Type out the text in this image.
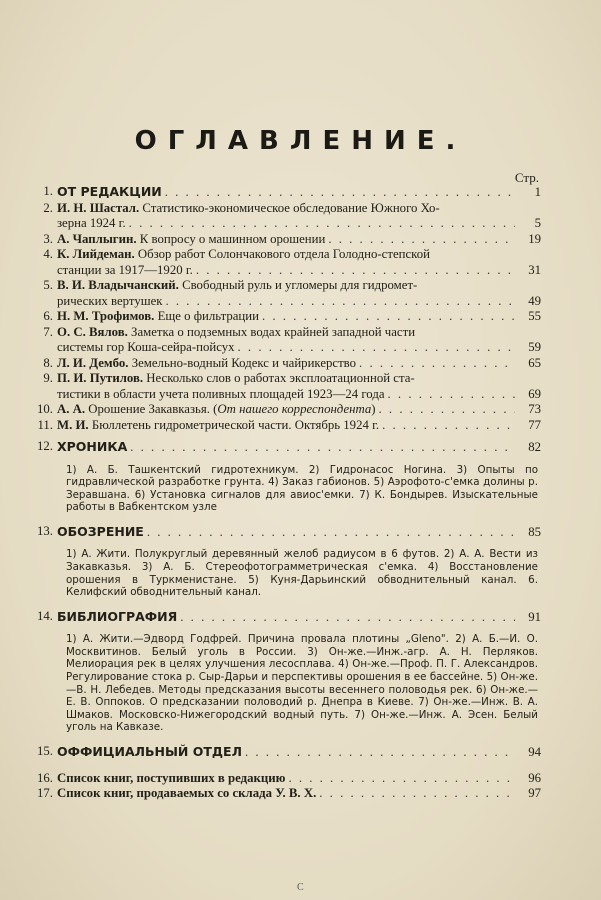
ОГЛАВЛЕНИЕ.
Стр.
1. ОТ РЕДАКЦИИ . . .	1
2. И. Н. Шастал. Статистико-экономическое обследование Южного Хо-
зерна 1924 г. . . .	5
3. А. Чаплыгин. К вопросу о машинном орошении . . .	19
4. К. Лийдеман. Обзор работ Солончакового отдела Голодно-степской
станции за 1917—1920 г. . . .	31
5. В. И. Владычанский. Свободный руль и угломеры для гидромет-
рических вертушек . . .	49
6. Н. М. Трофимов. Еще о фильтрации . . .	55
7. О. С. Вялов. Заметка о подземных водах крайней западной части
системы гор Коша-сейра-пойсух . . .	59
8. Л. И. Дембо. Земельно-водный Кодекс и чайрикерство . . .	65
9. П. И. Путилов. Несколько слов о работах эксплоатационной ста-
тистики в области учета поливных площадей 1923—24 года . . .	69
10. А. А. Орошение Закавказья. (От нашего корреспондента) . . .	73
11. М. И. Бюллетень гидрометрической части. Октябрь 1924 г. . . .	77
12. ХРОНИКА . . .	82
1) А. Б. Ташкентский гидротехникум. 2) Гидронасос Ногина. 3) Опыты по гидравлической разработке грунта. 4) Заказ габионов. 5) Аэрофото-с'емка долины р. Зеравшана. 6) Установка сигналов для авиос'емки. 7) К. Бондырев. Изыскательные работы в Вабкентском узле
13. ОБОЗРЕНИЕ . . .	85
1) А. Жити. Полукруглый деревянный желоб радиусом в 6 футов. 2) А. А. Вести из Закавказья. 3) А. Б. Стереофотограмметрическая с'емка. 4) Восстановление орошения в Туркменистане. 5) Куня-Дарьинский обводнительный канал. 6. Келифский обводнительный канал.
14. БИБЛИОГРАФИЯ . . .	91
1) А. Жити.—Эдворд Годфрей. Причина провала плотины „Gleno". 2) А. Б.—И. О. Москвитинов. Белый уголь в России. 3) Он-же.—Инж.-агр. А. Н. Перляков. Мелиорация рек в целях улучшения лесосплава. 4) Он-же.—Проф. П. Г. Александров. Регулирование стока р. Сыр-Дарьи и перспективы орошения в ее бассейне. 5) Он-же.—В. Н. Лебедев. Методы предсказания высоты весеннего половодья рек. 6) Он-же.—Е. В. Оппоков. О предсказании половодий р. Днепра в Киеве. 7) Он-же.—Инж. В. А. Шмаков. Московско-Нижегородский водный путь. 7) Он-же.—Инж. А. Эсен. Белый уголь на Кавказе.
15. ОФФИЦИАЛЬНЫЙ ОТДЕЛ . . .	94
16. Список книг, поступивших в редакцию . . .	96
17. Список книг, продаваемых со склада У. В. Х. . . .	97
C
